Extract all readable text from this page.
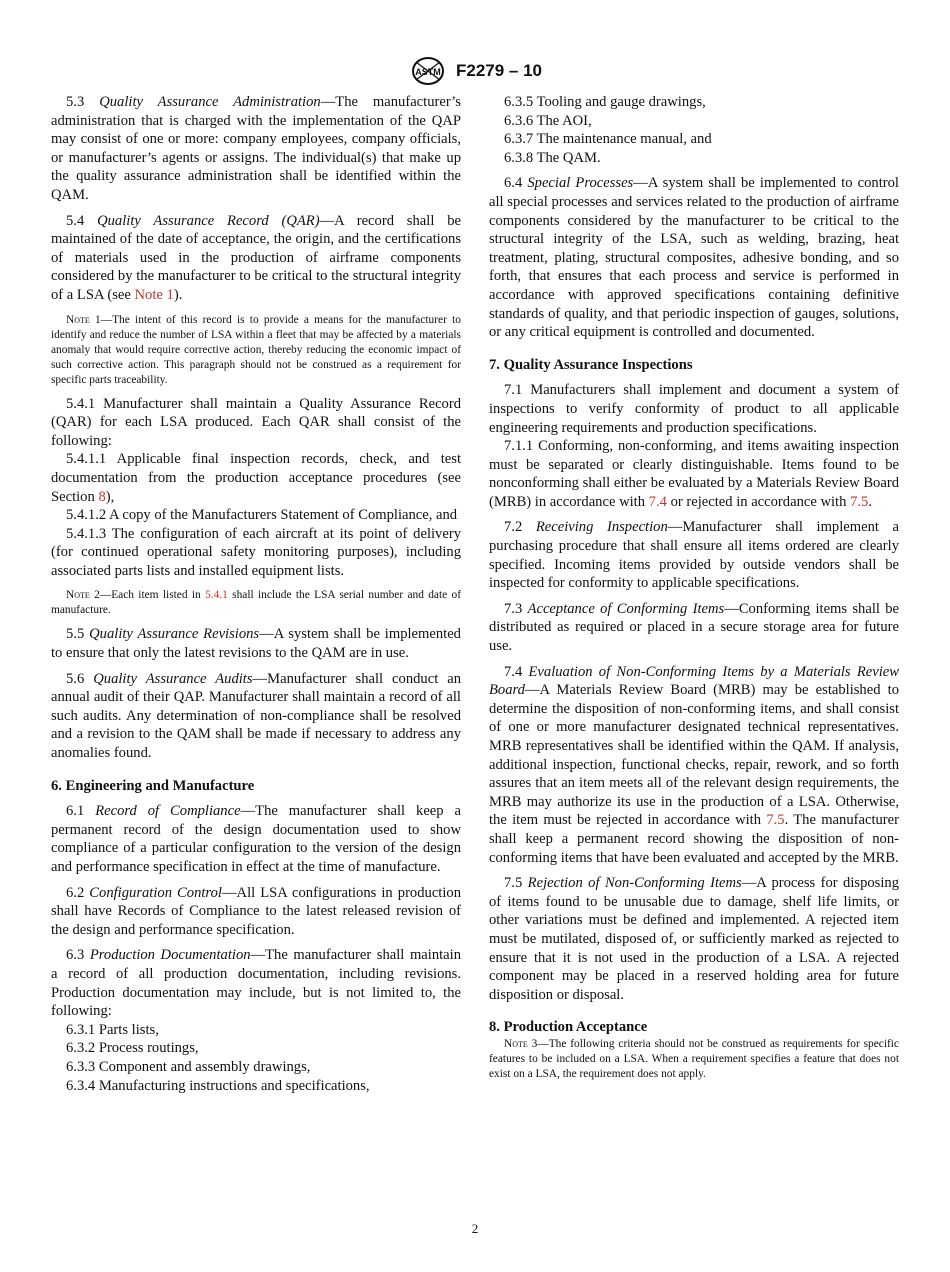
ASTM F2279 – 10

5.3 Quality Assurance Administration—The manufacturer’s administration that is charged with the implementation of the QAP may consist of one or more: company employees, company officials, or manufacturer’s agents or assigns. The individual(s) that make up the quality assurance administration shall be identified within the QAM.

5.4 Quality Assurance Record (QAR)—A record shall be maintained of the date of acceptance, the origin, and the certifications of materials used in the production of airframe components considered by the manufacturer to be critical to the structural integrity of a LSA (see Note 1).

Note 1—The intent of this record is to provide a means for the manufacturer to identify and reduce the number of LSA within a fleet that may be affected by a materials anomaly that would require corrective action, thereby reducing the economic impact of such corrective action. This paragraph should not be construed as a requirement for specific parts traceability.

5.4.1 Manufacturer shall maintain a Quality Assurance Record (QAR) for each LSA produced. Each QAR shall consist of the following:

5.4.1.1 Applicable final inspection records, check, and test documentation from the production acceptance procedures (see Section 8),

5.4.1.2 A copy of the Manufacturers Statement of Compliance, and

5.4.1.3 The configuration of each aircraft at its point of delivery (for continued operational safety monitoring purposes), including associated parts lists and installed equipment lists.

Note 2—Each item listed in 5.4.1 shall include the LSA serial number and date of manufacture.

5.5 Quality Assurance Revisions—A system shall be implemented to ensure that only the latest revisions to the QAM are in use.

5.6 Quality Assurance Audits—Manufacturer shall conduct an annual audit of their QAP. Manufacturer shall maintain a record of all such audits. Any determination of non-compliance shall be resolved and a revision to the QAM shall be made if necessary to address any anomalies found.

6. Engineering and Manufacture

6.1 Record of Compliance—The manufacturer shall keep a permanent record of the design documentation used to show compliance of a particular configuration to the version of the design and performance specification in effect at the time of manufacture.

6.2 Configuration Control—All LSA configurations in production shall have Records of Compliance to the latest released revision of the design and performance specification.

6.3 Production Documentation—The manufacturer shall maintain a record of all production documentation, including revisions. Production documentation may include, but is not limited to, the following:

6.3.1 Parts lists,

6.3.2 Process routings,

6.3.3 Component and assembly drawings,

6.3.4 Manufacturing instructions and specifications,

6.3.5 Tooling and gauge drawings,

6.3.6 The AOI,

6.3.7 The maintenance manual, and

6.3.8 The QAM.

6.4 Special Processes—A system shall be implemented to control all special processes and services related to the production of airframe components considered by the manufacturer to be critical to the structural integrity of the LSA, such as welding, brazing, heat treatment, plating, structural composites, adhesive bonding, and so forth, that ensures that each process and service is performed in accordance with approved specifications containing definitive standards of quality, and that periodic inspection of gauges, solutions, or any critical equipment is controlled and documented.

7. Quality Assurance Inspections

7.1 Manufacturers shall implement and document a system of inspections to verify conformity of product to all applicable engineering requirements and production specifications.

7.1.1 Conforming, non-conforming, and items awaiting inspection must be separated or clearly distinguishable. Items found to be nonconforming shall either be evaluated by a Materials Review Board (MRB) in accordance with 7.4 or rejected in accordance with 7.5.

7.2 Receiving Inspection—Manufacturer shall implement a purchasing procedure that shall ensure all items ordered are clearly specified. Incoming items provided by outside vendors shall be inspected for conformity to applicable specifications.

7.3 Acceptance of Conforming Items—Conforming items shall be distributed as required or placed in a secure storage area for future use.

7.4 Evaluation of Non-Conforming Items by a Materials Review Board—A Materials Review Board (MRB) may be established to determine the disposition of non-conforming items, and shall consist of one or more manufacturer designated technical representatives. MRB representatives shall be identified within the QAM. If analysis, additional inspection, functional checks, repair, rework, and so forth assures that an item meets all of the relevant design requirements, the MRB may authorize its use in the production of a LSA. Otherwise, the item must be rejected in accordance with 7.5. The manufacturer shall keep a permanent record showing the disposition of non-conforming items that have been evaluated and accepted by the MRB.

7.5 Rejection of Non-Conforming Items—A process for disposing of items found to be unusable due to damage, shelf life limits, or other variations must be defined and implemented. A rejected item must be mutilated, disposed of, or sufficiently marked as rejected to ensure that it is not used in the production of a LSA. A rejected component may be placed in a reserved holding area for future disposition or disposal.

8. Production Acceptance

Note 3—The following criteria should not be construed as requirements for specific features to be included on a LSA. When a requirement specifies a feature that does not exist on a LSA, the requirement does not apply.

2
